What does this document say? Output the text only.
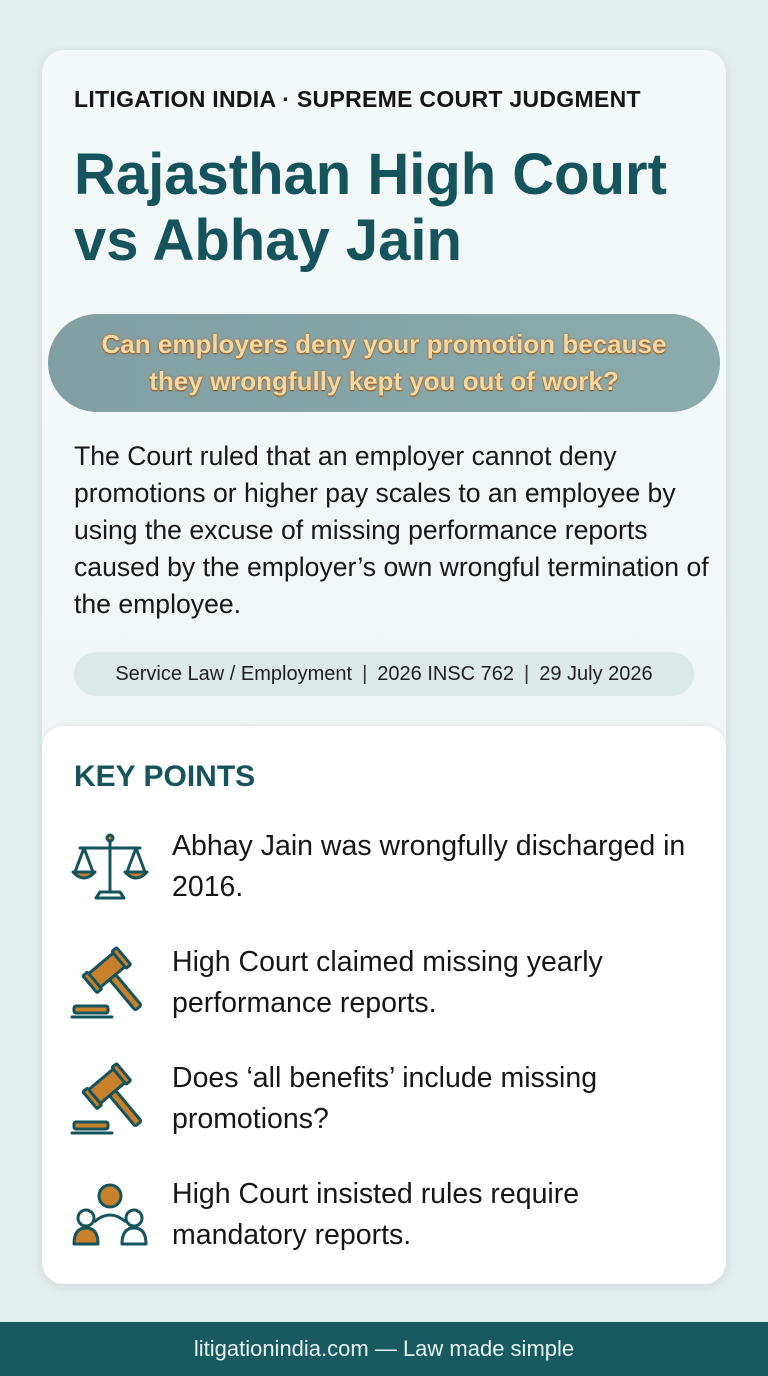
LITIGATION INDIA · SUPREME COURT JUDGMENT
Rajasthan High Court vs Abhay Jain
Can employers deny your promotion because they wrongfully kept you out of work?

The Court ruled that an employer cannot deny promotions or higher pay scales to an employee by using the excuse of missing performance reports caused by the employer’s own wrongful termination of the employee.

Service Law / Employment | 2026 INSC 762 | 29 July 2026
KEY POINTS
Abhay Jain was wrongfully discharged in 2016.
High Court claimed missing yearly performance reports.
Does ‘all benefits’ include missing promotions?
High Court insisted rules require mandatory reports.
litigationindia.com — Law made simple
